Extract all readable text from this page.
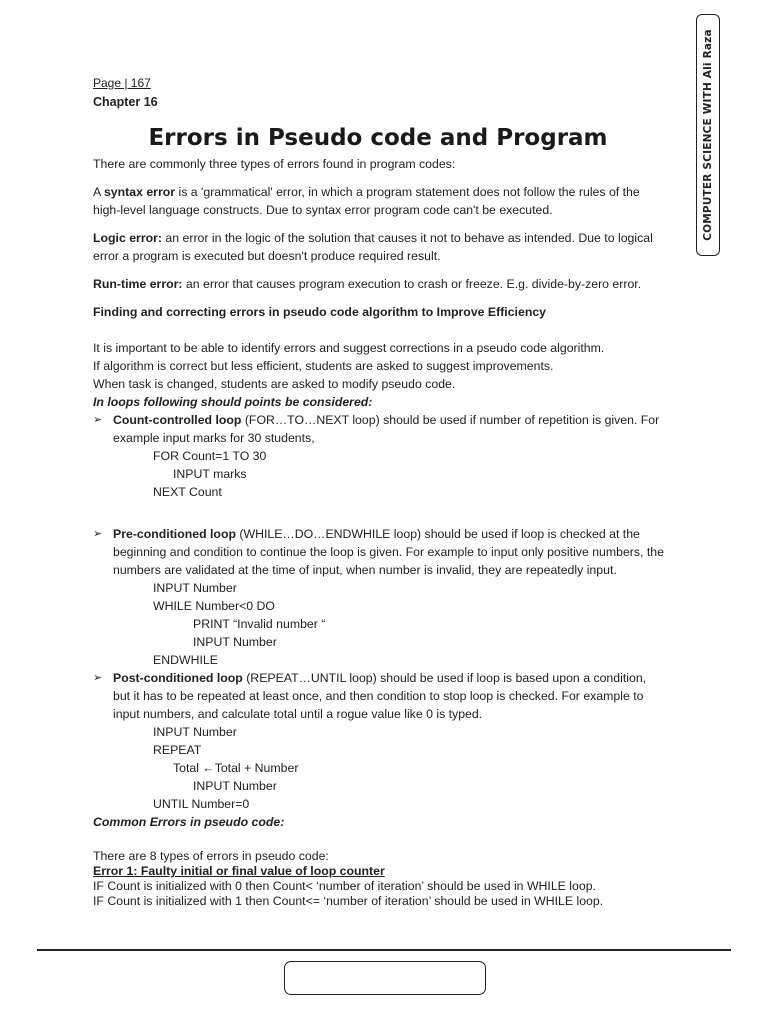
COMPUTER SCIENCE WITH Ali Raza
Page | 167
Chapter 16
Errors in Pseudo code and Program

There are commonly three types of errors found in program codes:

A syntax error is a 'grammatical' error, in which a program statement does not follow the rules of the high-level language constructs. Due to syntax error program code can't be executed.

Logic error: an error in the logic of the solution that causes it not to behave as intended. Due to logical error a program is executed but doesn't produce required result.

Run-time error: an error that causes program execution to crash or freeze. E.g. divide-by-zero error.

Finding and correcting errors in pseudo code algorithm to Improve Efficiency

It is important to be able to identify errors and suggest corrections in a pseudo code algorithm.

If algorithm is correct but less efficient, students are asked to suggest improvements.

When task is changed, students are asked to modify pseudo code.

In loops following should points be considered:

➢ Count-controlled loop (FOR…TO…NEXT loop) should be used if number of repetition is given. For example input marks for 30 students,

FOR Count=1 TO 30

INPUT marks

NEXT Count

➢ Pre-conditioned loop (WHILE…DO…ENDWHILE loop) should be used if loop is checked at the beginning and condition to continue the loop is given. For example to input only positive numbers, the numbers are validated at the time of input, when number is invalid, they are repeatedly input.

INPUT Number

WHILE Number<0 DO

PRINT “Invalid number “

INPUT Number

ENDWHILE

➢ Post-conditioned loop (REPEAT…UNTIL loop) should be used if loop is based upon a condition, but it has to be repeated at least once, and then condition to stop loop is checked. For example to input numbers, and calculate total until a rogue value like 0 is typed.

INPUT Number

REPEAT

Total ←Total + Number

INPUT Number

UNTIL Number=0

Common Errors in pseudo code:

There are 8 types of errors in pseudo code:

Error 1: Faulty initial or final value of loop counter

IF Count is initialized with 0 then Count< ‘number of iteration’ should be used in WHILE loop.

IF Count is initialized with 1 then Count<= ‘number of iteration’ should be used in WHILE loop.
